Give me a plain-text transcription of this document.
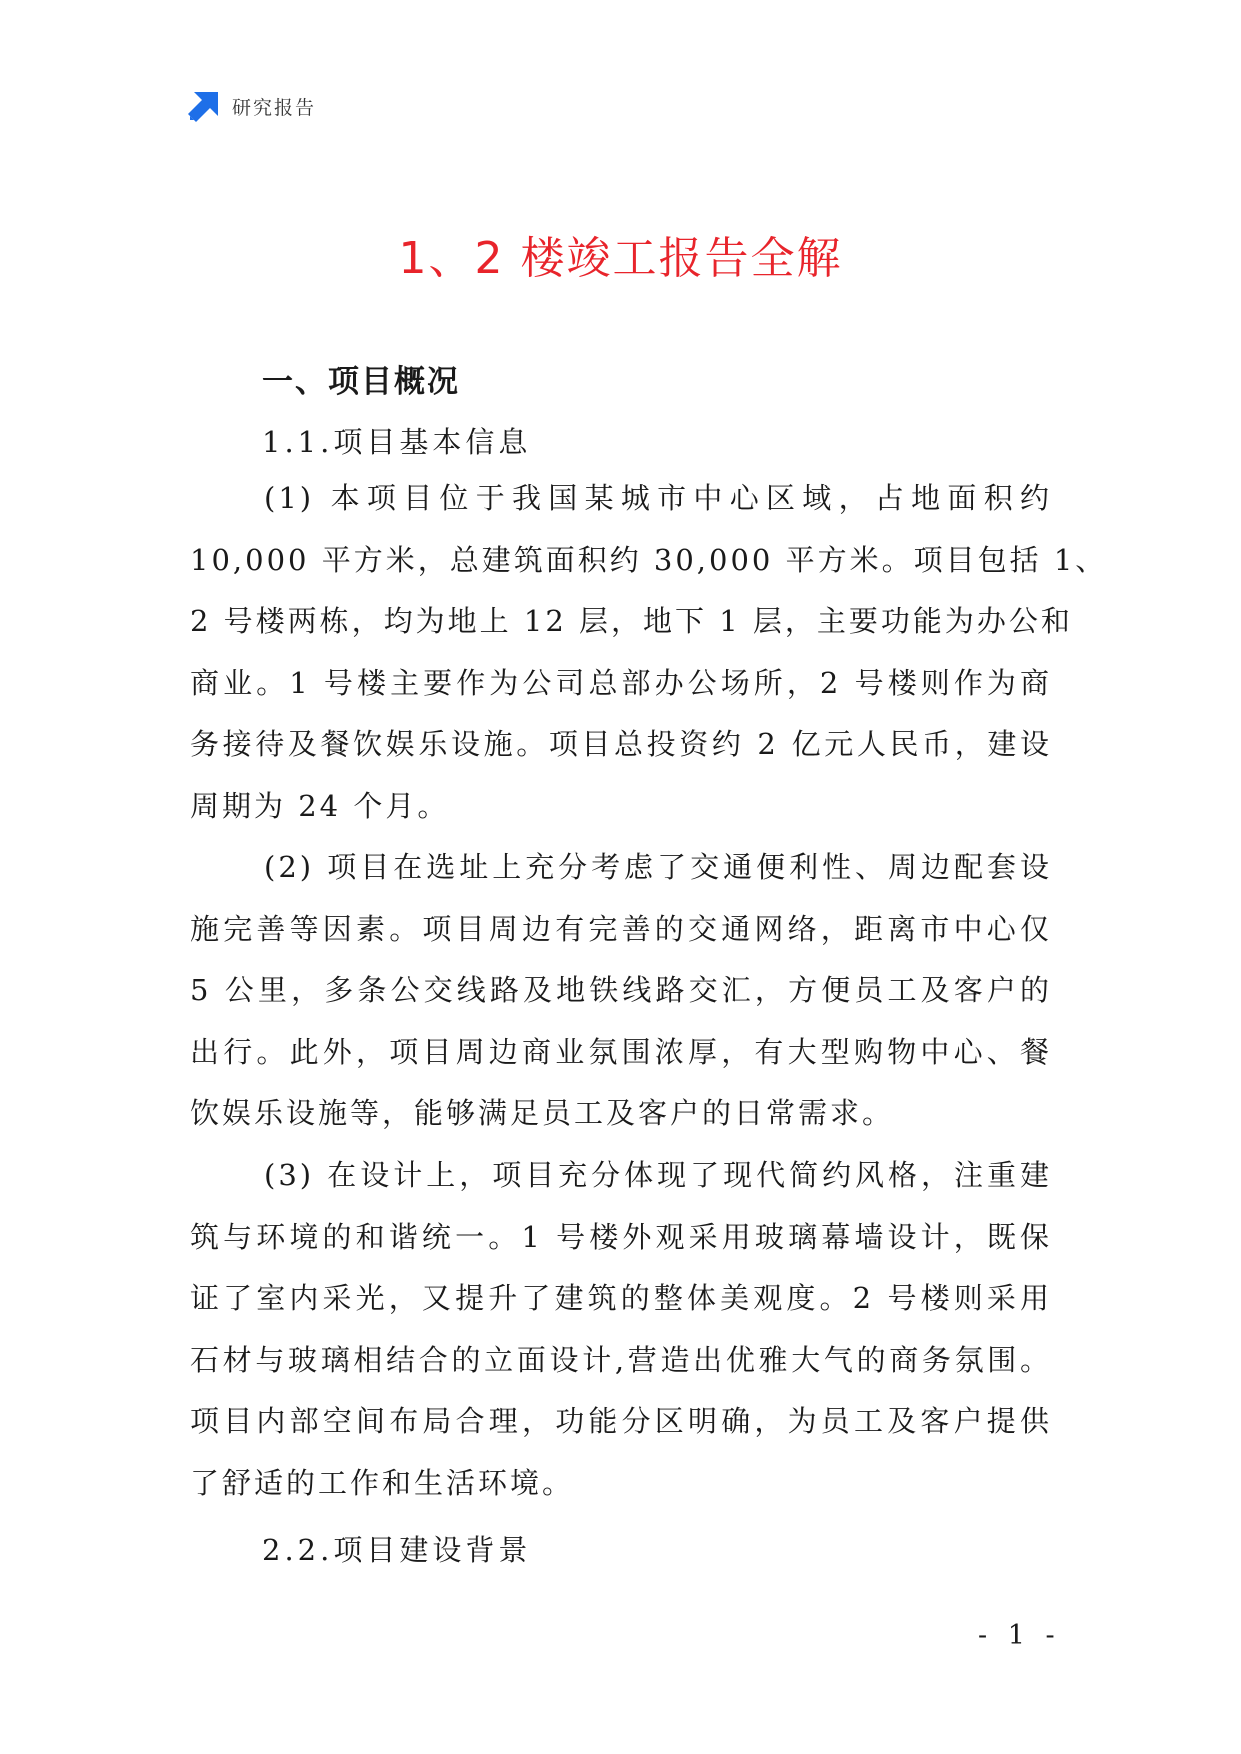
研究报告
1、2 楼竣工报告全解
一、项目概况
1.1.项目基本信息
(1) 本项目位于我国某城市中心区域，占地面积约
10,000 平方米，总建筑面积约 30,000 平方米。项目包括 1、
2 号楼两栋，均为地上 12 层，地下 1 层，主要功能为办公和
商业。1 号楼主要作为公司总部办公场所，2 号楼则作为商
务接待及餐饮娱乐设施。项目总投资约 2 亿元人民币，建设
周期为 24 个月。
(2) 项目在选址上充分考虑了交通便利性、周边配套设
施完善等因素。项目周边有完善的交通网络，距离市中心仅
5 公里，多条公交线路及地铁线路交汇，方便员工及客户的
出行。此外，项目周边商业氛围浓厚，有大型购物中心、餐
饮娱乐设施等，能够满足员工及客户的日常需求。
(3) 在设计上，项目充分体现了现代简约风格，注重建
筑与环境的和谐统一。1 号楼外观采用玻璃幕墙设计，既保
证了室内采光，又提升了建筑的整体美观度。2 号楼则采用
石材与玻璃相结合的立面设计,营造出优雅大气的商务氛围。
项目内部空间布局合理，功能分区明确，为员工及客户提供
了舒适的工作和生活环境。
2.2.项目建设背景
- 1 -
